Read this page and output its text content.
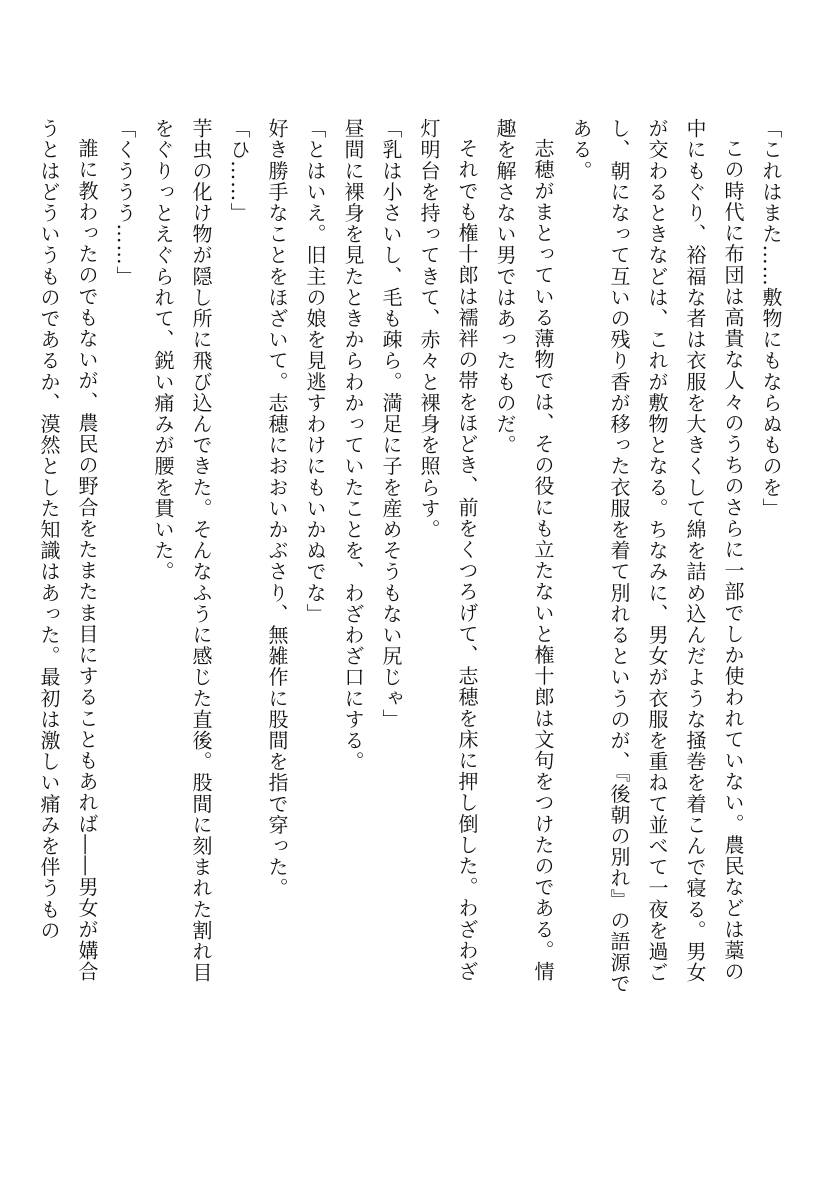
「これはまた……敷物にもならぬものを」

この時代に布団は高貴な人々のうちのさらに一部でしか使われていない。農民などは藁の中にもぐり、裕福な者は衣服を大きくして綿を詰め込んだような掻巻を着こんで寝る。男女が交わるときなどは、これが敷物となる。ちなみに、男女が衣服を重ねて並べて一夜を過ごし、朝になって互いの残り香が移った衣服を着て別れるというのが、『後朝の別れ』の語源である。

志穂がまとっている薄物では、その役にも立たないと権十郎は文句をつけたのである。情趣を解さない男ではあったものだ。

それでも権十郎は襦袢の帯をほどき、前をくつろげて、志穂を床に押し倒した。わざわざ灯明台を持ってきて、赤々と裸身を照らす。

「乳は小さいし、毛も疎ら。満足に子を産めそうもない尻じゃ」

昼間に裸身を見たときからわかっていたことを、わざわざ口にする。

「とはいえ。旧主の娘を見逃すわけにもいかぬでな」

好き勝手なことをほざいて。志穂におおいかぶさり、無雑作に股間を指で穿った。

「ひ……」

芋虫の化け物が隠し所に飛び込んできた。そんなふうに感じた直後。股間に刻まれた割れ目をぐりっとえぐられて、鋭い痛みが腰を貫いた。

「くううう……」

誰に教わったのでもないが、農民の野合をたまたま目にすることもあれば――男女が媾合うとはどういうものであるか、漠然とした知識はあった。最初は激しい痛みを伴うもの
